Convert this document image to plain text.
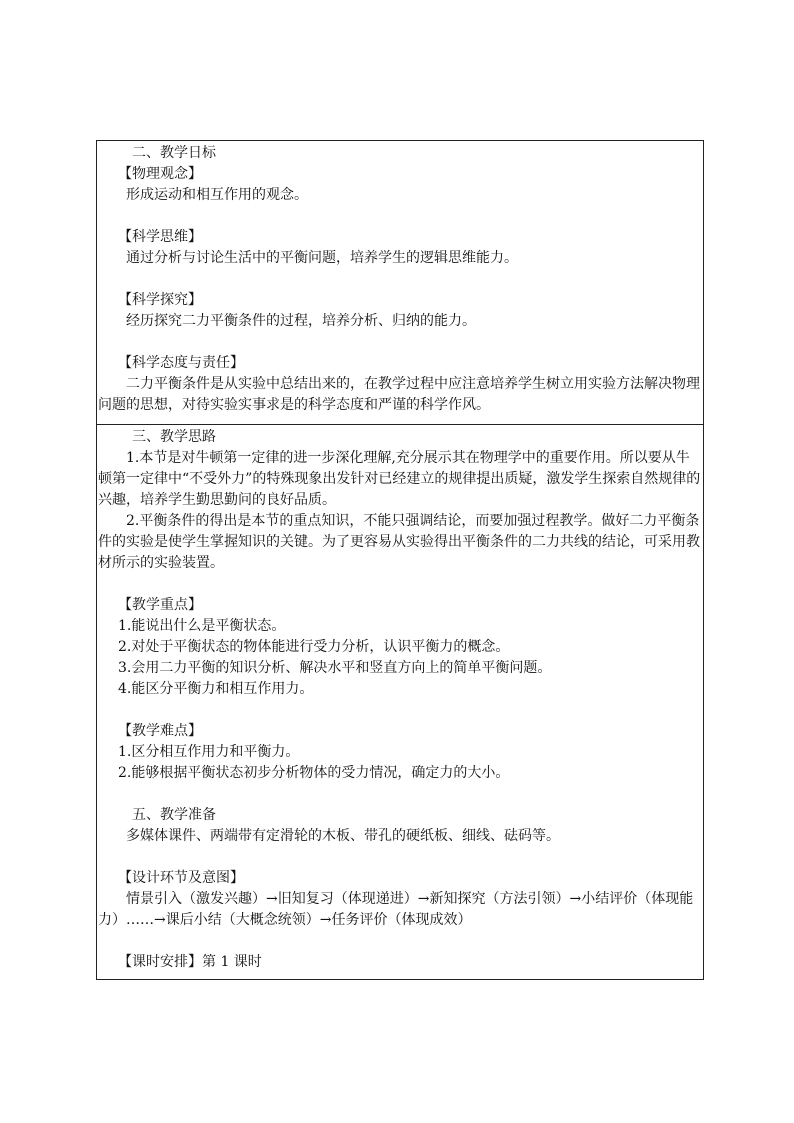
二、教学日标

【物理观念】

形成运动和相互作用的观念。

【科学思维】

通过分析与讨论生活中的平衡问题，培养学生的逻辑思维能力。

【科学探究】

经历探究二力平衡条件的过程，培养分析、归纳的能力。

【科学态度与责任】

二力平衡条件是从实验中总结出来的，在教学过程中应注意培养学生树立用实验方法解决物理问题的思想，对待实验实事求是的科学态度和严谨的科学作风。

三、教学思路

1.本节是对牛顿第一定律的进一步深化理解,充分展示其在物理学中的重要作用。所以要从牛顿第一定律中“不受外力”的特殊现象出发针对已经建立的规律提出质疑，激发学生探索自然规律的兴趣，培养学生勤思勤问的良好品质。

2.平衡条件的得出是本节的重点知识，不能只强调结论，而要加强过程教学。做好二力平衡条件的实验是使学生掌握知识的关键。为了更容易从实验得出平衡条件的二力共线的结论，可采用教材所示的实验装置。

【教学重点】

1.能说出什么是平衡状态。

2.对处于平衡状态的物体能进行受力分析，认识平衡力的概念。

3.会用二力平衡的知识分析、解决水平和竖直方向上的简单平衡问题。

4.能区分平衡力和相互作用力。

【教学难点】

1.区分相互作用力和平衡力。

2.能够根据平衡状态初步分析物体的受力情况，确定力的大小。

五、教学准备

多媒体课件、两端带有定滑轮的木板、带孔的硬纸板、细线、砝码等。

【设计环节及意图】

情景引入（激发兴趣）→旧知复习（体现递进）→新知探究（方法引领）→小结评价（体现能力）……→课后小结（大概念统领）→任务评价（体现成效）

【课时安排】第 1 课时
